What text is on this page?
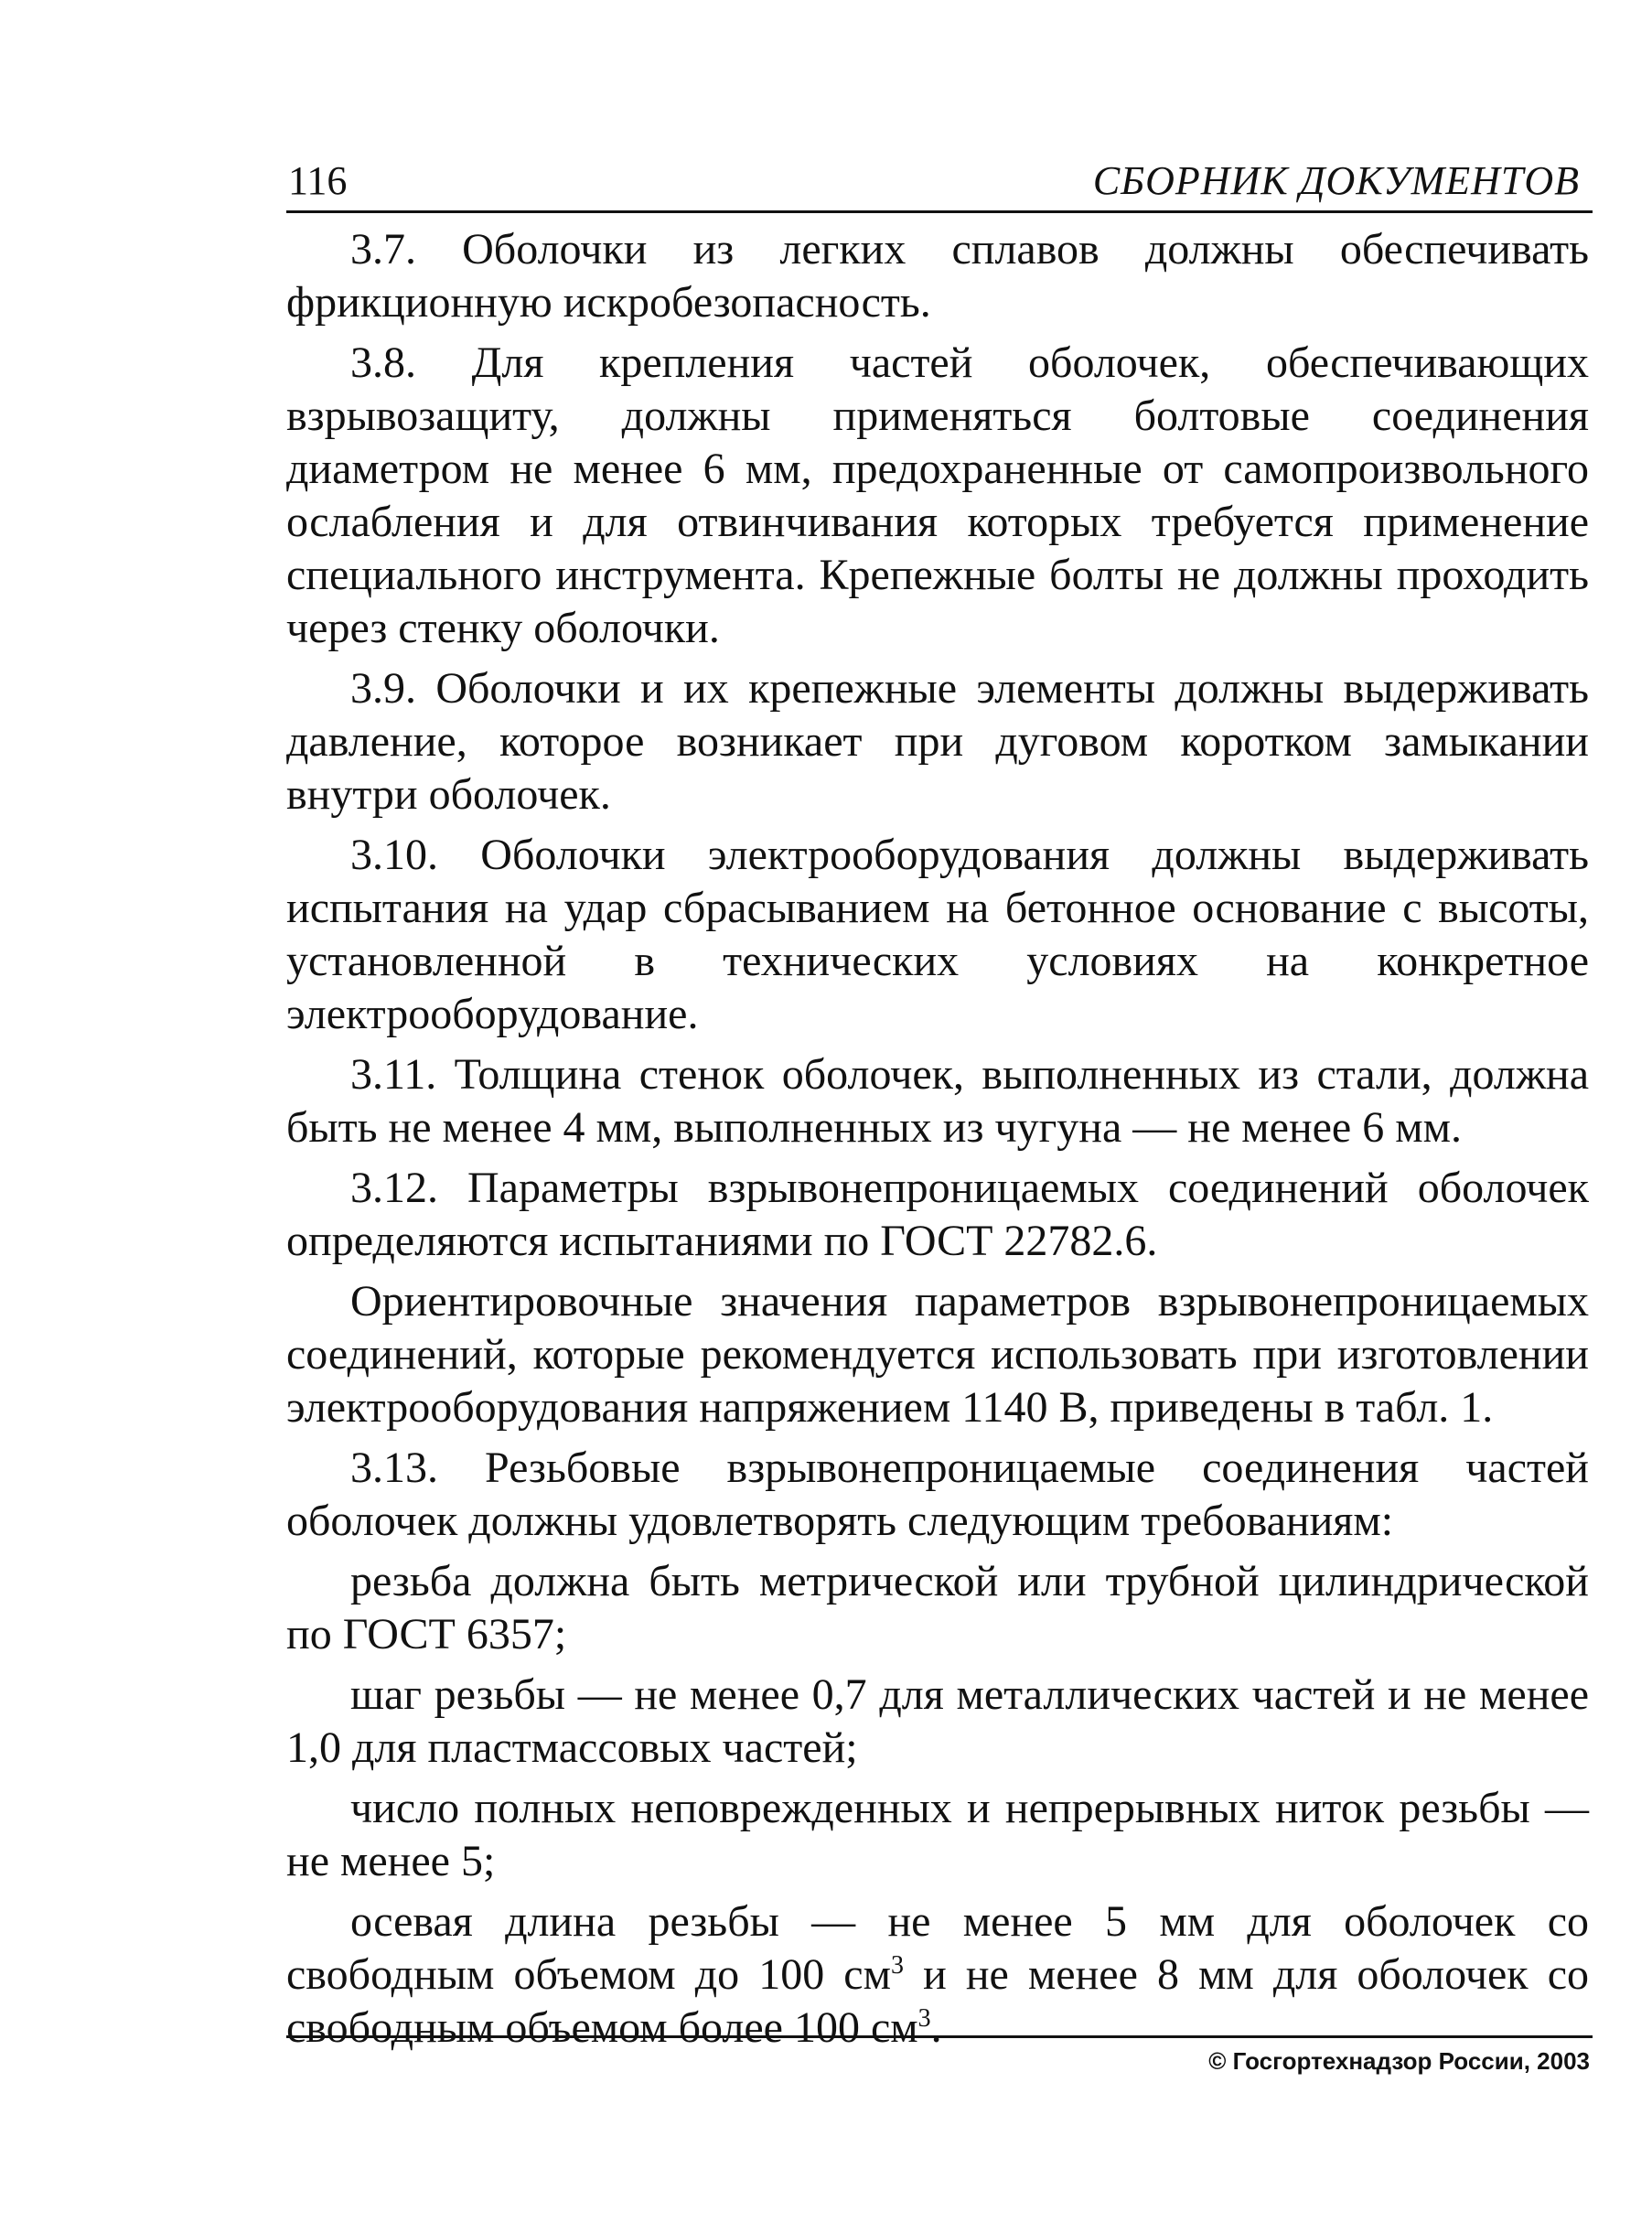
116	СБОРНИК ДОКУМЕНТОВ

3.7. Оболочки из легких сплавов должны обеспечивать фрикционную искробезопасность.

3.8. Для крепления частей оболочек, обеспечивающих взрывозащиту, должны применяться болтовые соединения диаметром не менее 6 мм, предохраненные от самопроизвольного ослабления и для отвинчивания которых требуется применение специального инструмента. Крепежные болты не должны проходить через стенку оболочки.

3.9. Оболочки и их крепежные элементы должны выдерживать давление, которое возникает при дуговом коротком замыкании внутри оболочек.

3.10. Оболочки электрооборудования должны выдерживать испытания на удар сбрасыванием на бетонное основание с высоты, установленной в технических условиях на конкретное электрооборудование.

3.11. Толщина стенок оболочек, выполненных из стали, должна быть не менее 4 мм, выполненных из чугуна — не менее 6 мм.

3.12. Параметры взрывонепроницаемых соединений оболочек определяются испытаниями по ГОСТ 22782.6.

Ориентировочные значения параметров взрывонепроницаемых соединений, которые рекомендуется использовать при изготовлении электрооборудования напряжением 1140 В, приведены в табл. 1.

3.13. Резьбовые взрывонепроницаемые соединения частей оболочек должны удовлетворять следующим требованиям:

резьба должна быть метрической или трубной цилиндрической по ГОСТ 6357;

шаг резьбы — не менее 0,7 для металлических частей и не менее 1,0 для пластмассовых частей;

число полных неповрежденных и непрерывных ниток резьбы — не менее 5;

осевая длина резьбы — не менее 5 мм для оболочек со свободным объемом до 100 $см^3$ и не менее 8 мм для оболочек со свободным объемом более 100 $см^3$.

© Госгортехнадзор России, 2003
